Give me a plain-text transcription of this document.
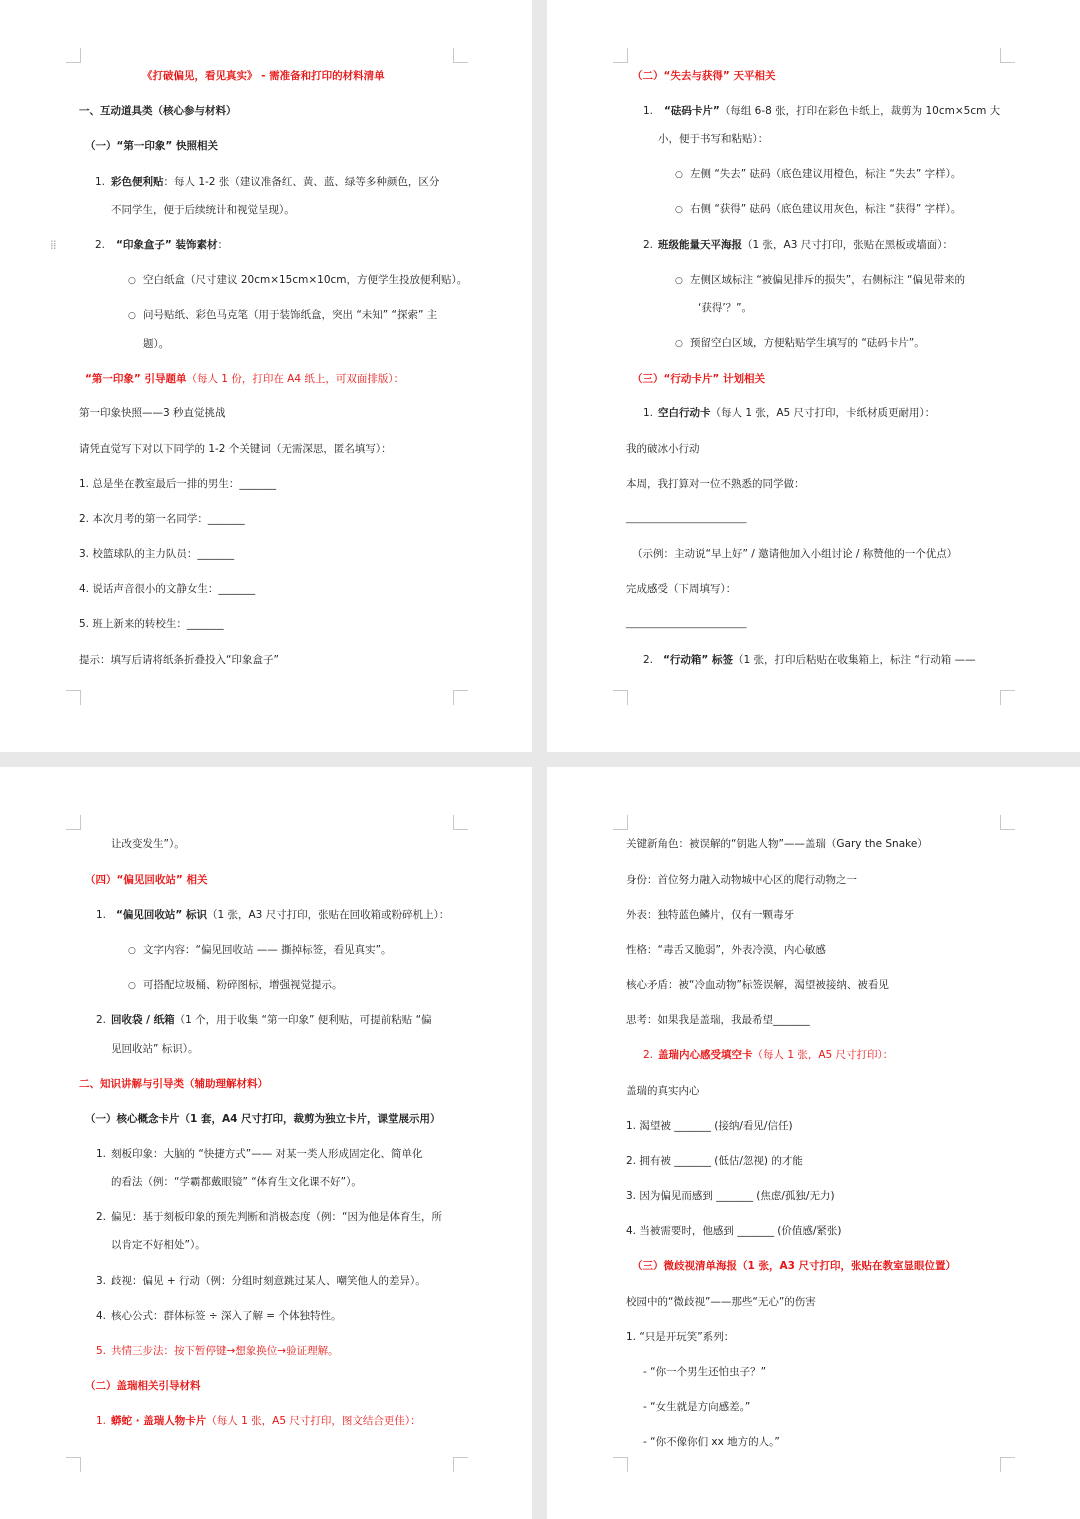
《打破偏见，看见真实》 - 需准备和打印的材料清单
一、互动道具类（核心参与材料）
（一）“第一印象” 快照相关
1. 彩色便利贴：每人 1-2 张（建议准备红、黄、蓝、绿等多种颜色，区分
不同学生，便于后续统计和视觉呈现）。
⁞⁞	2. “印象盒子” 装饰素材：
○ 空白纸盒（尺寸建议 20cm×15cm×10cm，方便学生投放便利贴）。
○ 问号贴纸、彩色马克笔（用于装饰纸盒，突出 “未知” “探索” 主
题）。
“第一印象” 引导题单（每人 1 份，打印在 A4 纸上，可双面排版）：
第一印象快照——3 秒直觉挑战
请凭直觉写下对以下同学的 1-2 个关键词（无需深思，匿名填写）：
1. 总是坐在教室最后一排的男生：_______
2. 本次月考的第一名同学：_______
3. 校篮球队的主力队员：_______
4. 说话声音很小的文静女生：_______
5. 班上新来的转校生：_______
提示：填写后请将纸条折叠投入“印象盒子”
（二）“失去与获得” 天平相关
1. “砝码卡片”（每组 6-8 张，打印在彩色卡纸上，裁剪为 10cm×5cm 大
小，便于书写和粘贴）：
○ 左侧 “失去” 砝码（底色建议用橙色，标注 “失去” 字样）。
○ 右侧 “获得” 砝码（底色建议用灰色，标注 “获得” 字样）。
2. 班级能量天平海报（1 张，A3 尺寸打印，张贴在黑板或墙面）：
○ 左侧区域标注 “被偏见排斥的损失”，右侧标注 “偏见带来的
‘获得’？”。
○ 预留空白区域，方便粘贴学生填写的 “砝码卡片”。
（三）“行动卡片” 计划相关
1. 空白行动卡（每人 1 张，A5 尺寸打印，卡纸材质更耐用）：
我的破冰小行动
本周，我打算对一位不熟悉的同学做：
______________________________
（示例：主动说“早上好” / 邀请他加入小组讨论 / 称赞他的一个优点）
完成感受（下周填写）：
______________________________
2. “行动箱” 标签（1 张，打印后粘贴在收集箱上，标注 “行动箱 ——
让改变发生”）。
（四）“偏见回收站” 相关
1. “偏见回收站” 标识（1 张，A3 尺寸打印，张贴在回收箱或粉碎机上）：
○ 文字内容：“偏见回收站 —— 撕掉标签，看见真实”。
○ 可搭配垃圾桶、粉碎图标，增强视觉提示。
2. 回收袋 / 纸箱（1 个，用于收集 “第一印象” 便利贴，可提前粘贴 “偏
见回收站” 标识）。
二、知识讲解与引导类（辅助理解材料）
（一）核心概念卡片（1 套，A4 尺寸打印，裁剪为独立卡片，课堂展示用）
1. 刻板印象：大脑的 “快捷方式”—— 对某一类人形成固定化、简单化
的看法（例：“学霸都戴眼镜” “体育生文化课不好”）。
2. 偏见：基于刻板印象的预先判断和消极态度（例：“因为他是体育生，所
以肯定不好相处”）。
3. 歧视：偏见 + 行动（例：分组时刻意跳过某人、嘲笑他人的差异）。
4. 核心公式：群体标签 ÷ 深入了解 = 个体独特性。
5. 共情三步法：按下暂停键→想象换位→验证理解。
（二）盖瑞相关引导材料
1. 蟒蛇 · 盖瑞人物卡片（每人 1 张，A5 尺寸打印，图文结合更佳）：
关键新角色：被误解的“钥匙人物”——盖瑞（Gary the Snake）
身份：首位努力融入动物城中心区的爬行动物之一
外表：独特蓝色鳞片，仅有一颗毒牙
性格：“毒舌又脆弱”，外表冷漠，内心敏感
核心矛盾：被“冷血动物”标签误解，渴望被接纳、被看见
思考：如果我是盖瑞，我最希望_______
2. 盖瑞内心感受填空卡（每人 1 张，A5 尺寸打印）：
盖瑞的真实内心
1. 渴望被 _______ (接纳/看见/信任)
2. 拥有被 _______ (低估/忽视) 的才能
3. 因为偏见而感到 _______ (焦虑/孤独/无力)
4. 当被需要时，他感到 _______ (价值感/紧张)
（三）微歧视清单海报（1 张，A3 尺寸打印，张贴在教室显眼位置）
校园中的“微歧视”——那些“无心”的伤害
1. “只是开玩笑”系列：
- “你一个男生还怕虫子？”
- “女生就是方向感差。”
- “你不像你们 xx 地方的人。”
